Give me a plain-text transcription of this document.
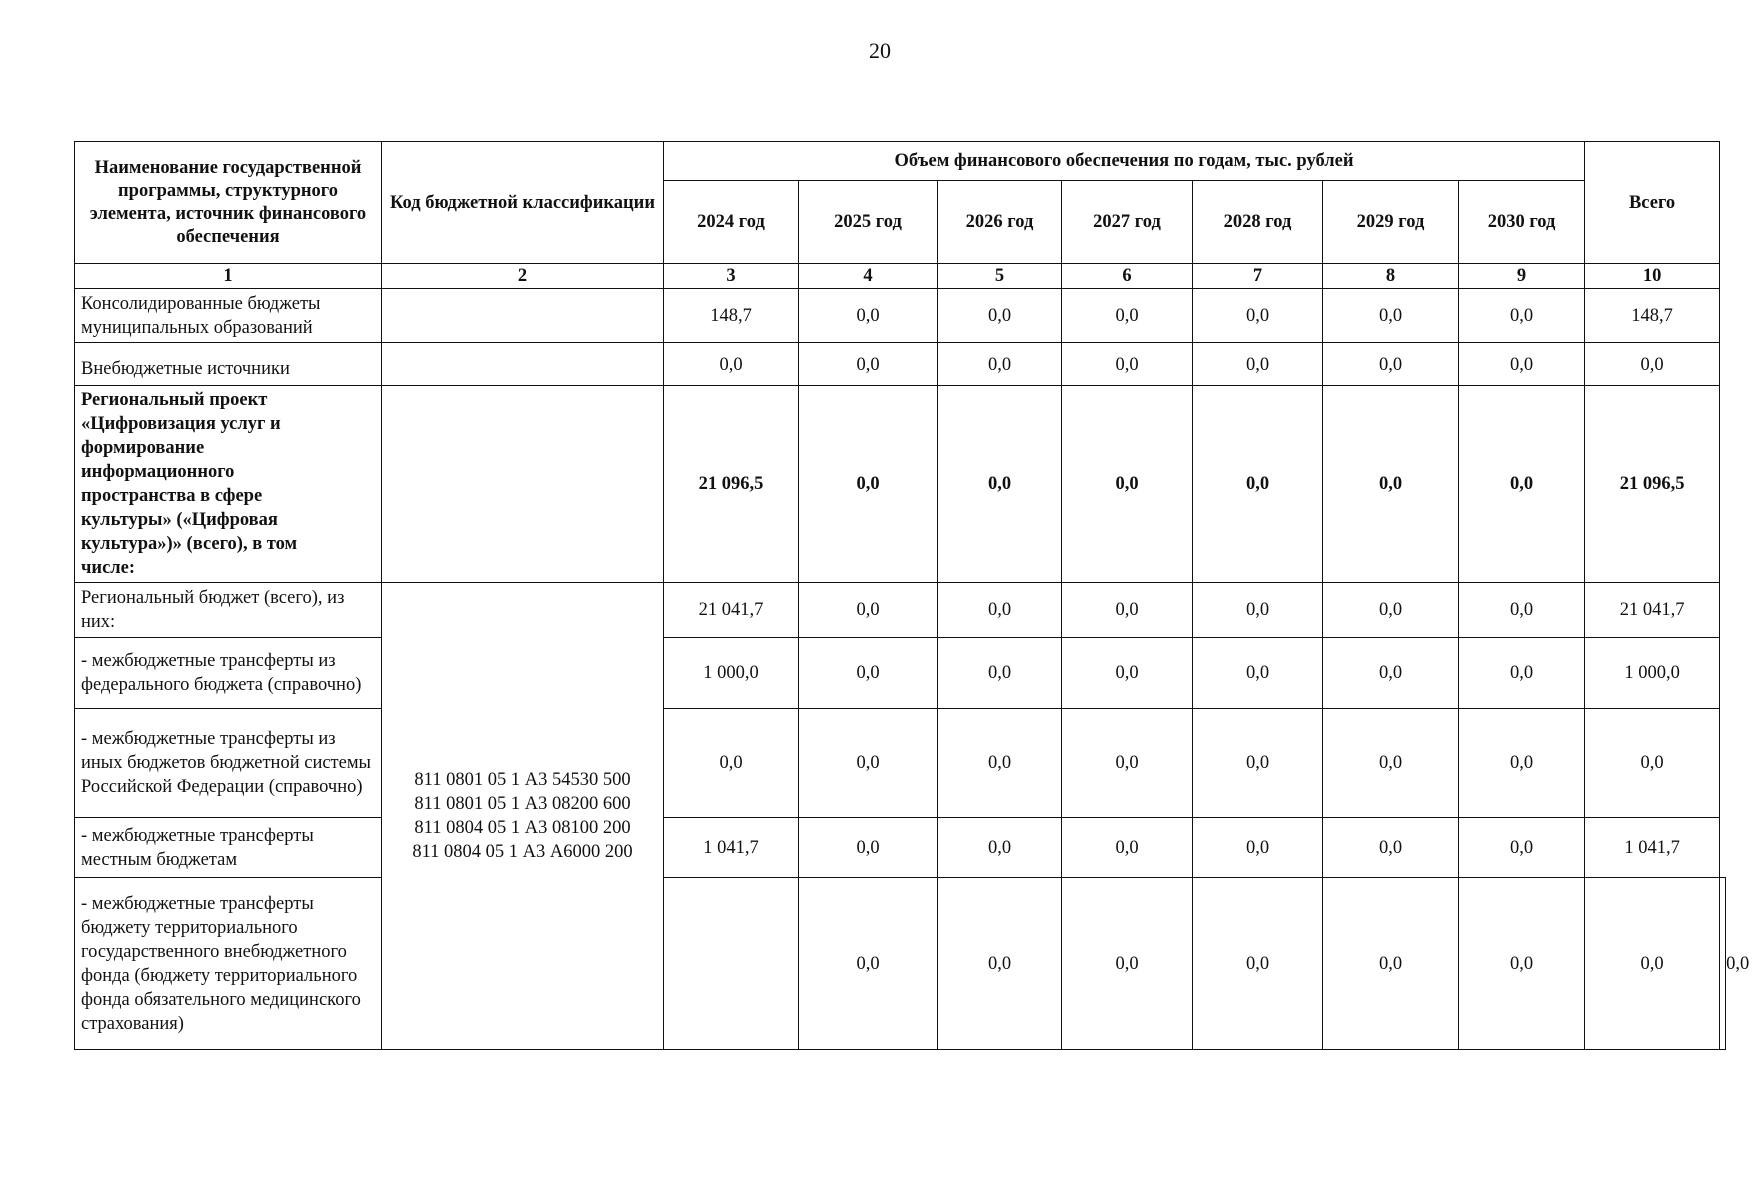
20
Наименование государственной программы, структурного элемента, источник финансового обеспечения	Код бюджетной классификации	Объем финансового обеспечения по годам, тыс. рублей							Всего	
		2024 год	2025 год	2026 год	2027 год	2028 год	2029 год	2030 год		
1	2	3	4	5	6	7	8	9	10	
Консолидированные бюджеты муниципальных образований		148,7	0,0	0,0	0,0	0,0	0,0	0,0	148,7	
Внебюджетные источники		0,0	0,0	0,0	0,0	0,0	0,0	0,0	0,0	
Региональный проект «Цифровизация услуг и формирование информационного пространства в сфере культуры» («Цифровая культура»)» (всего), в том числе:		21 096,5	0,0	0,0	0,0	0,0	0,0	0,0	21 096,5	
Региональный бюджет (всего), из них:	811 0801 05 1 А3 54530 500
811 0801 05 1 А3 08200 600
811 0804 05 1 А3 08100 200
811 0804 05 1 А3 А6000 200	21 041,7	0,0	0,0	0,0	0,0	0,0	0,0	21 041,7	
- межбюджетные трансферты из федерального бюджета (справочно)		1 000,0	0,0	0,0	0,0	0,0	0,0	0,0	1 000,0	
- межбюджетные трансферты из иных бюджетов бюджетной системы Российской Федерации (справочно)		0,0	0,0	0,0	0,0	0,0	0,0	0,0	0,0	
- межбюджетные трансферты местным бюджетам		1 041,7	0,0	0,0	0,0	0,0	0,0	0,0	1 041,7	
- межбюджетные трансферты бюджету территориального государственного внебюджетного фонда (бюджету территориального фонда обязательного медицинского страхования)			0,0	0,0	0,0	0,0	0,0	0,0	0,0	0,0
